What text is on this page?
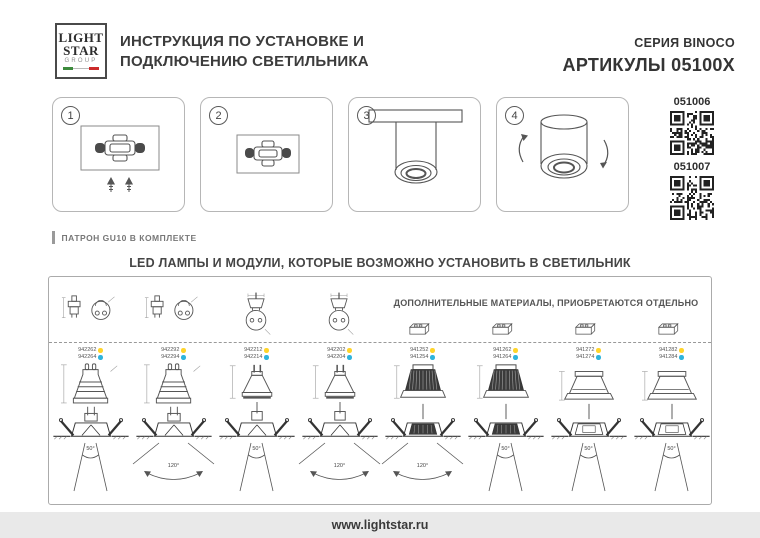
LIGHT
STAR
GROUP
ИНСТРУКЦИЯ ПО УСТАНОВКЕ И
ПОДКЛЮЧЕНИЮ СВЕТИЛЬНИКА
СЕРИЯ BINOCO
АРТИКУЛЫ 05100X
1	2	3	4
051006
051007
ПАТРОН GU10 В КОМПЛЕКТЕ
LED ЛАМПЫ И МОДУЛИ, КОТОРЫЕ ВОЗМОЖНО УСТАНОВИТЬ В СВЕТИЛЬНИК
ДОПОЛНИТЕЛЬНЫЕ МАТЕРИАЛЫ, ПРИОБРЕТАЮТСЯ ОТДЕЛЬНО
942262
942264
50°
942292
942294
120°
942212
942214
50°
942202
942204
120°
941252
941254
120°
941262
941264
50°
941272
941274
50°
941282
941284
50°
www.lightstar.ru
